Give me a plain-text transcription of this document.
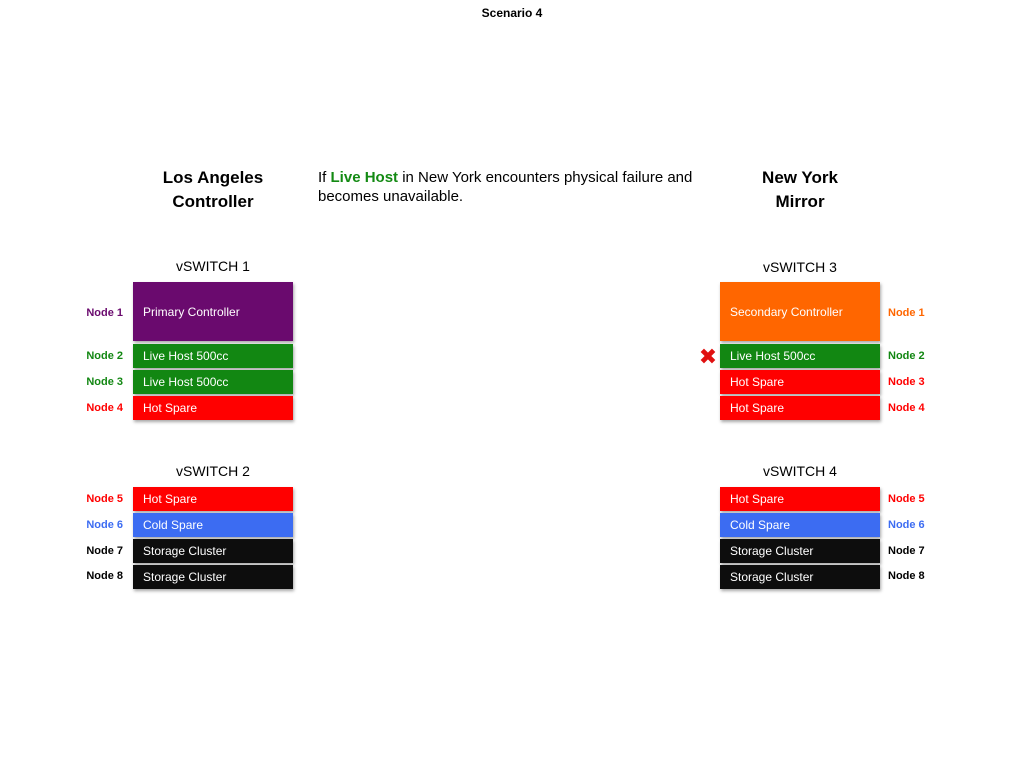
Scenario 4
Los Angeles
Controller
New York
Mirror
If Live Host in New York encounters physical failure and becomes unavailable.
vSWITCH 1
Node 1 Primary Controller
Node 2 Live Host 500cc
Node 3 Live Host 500cc
Node 4 Hot Spare
vSWITCH 2
Node 5 Hot Spare
Node 6 Cold Spare
Node 7 Storage Cluster
Node 8 Storage Cluster
vSWITCH 3
Secondary Controller	Node 1
✖ Live Host 500cc	Node 2
Hot Spare	Node 3
Hot Spare	Node 4
vSWITCH 4
Hot Spare	Node 5
Cold Spare	Node 6
Storage Cluster	Node 7
Storage Cluster	Node 8
